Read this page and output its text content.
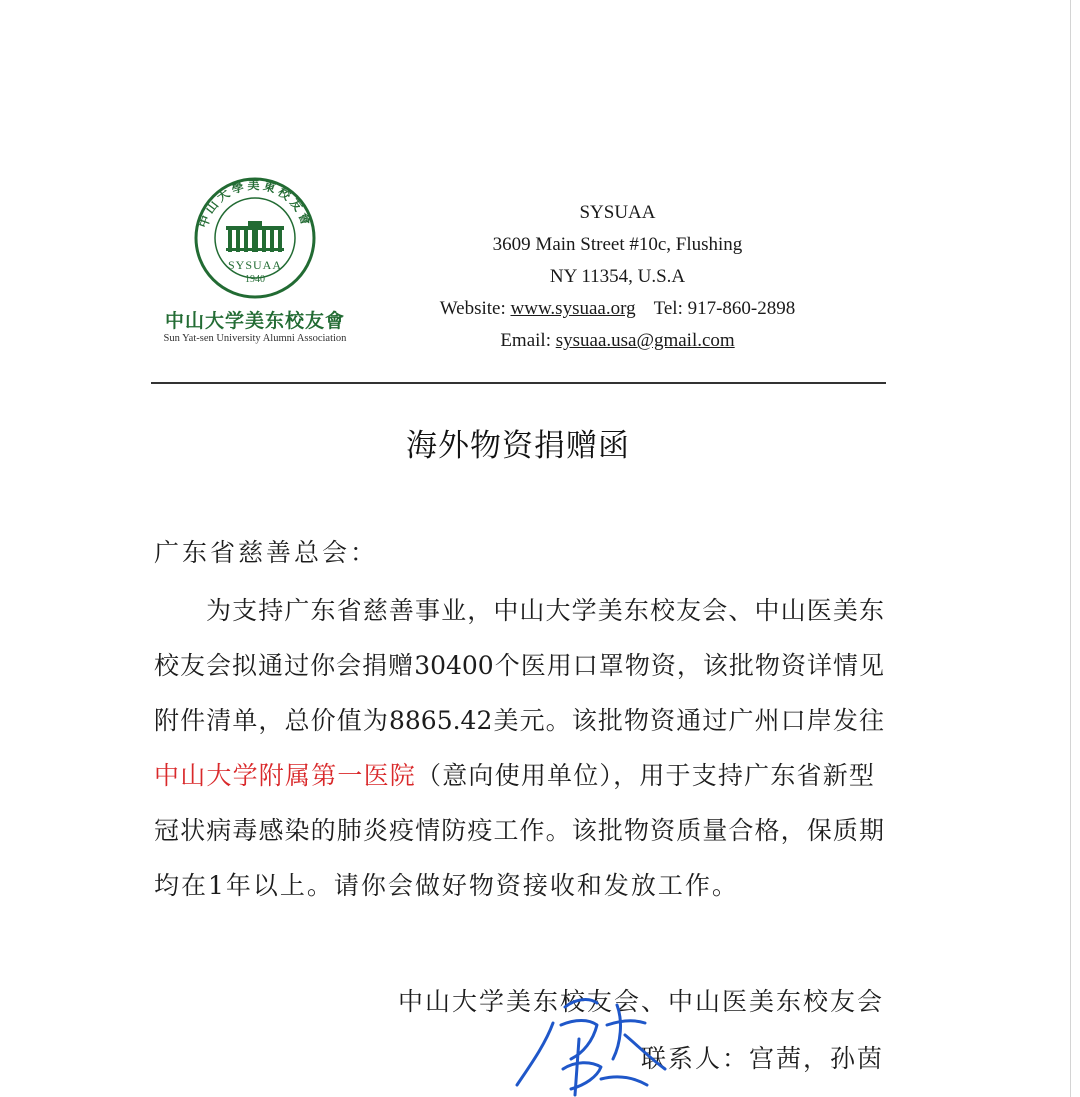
中山大學美東校友會
SYSUAA
1940
中山大学美东校友會
Sun Yat-sen University Alumni Association
SYSUAA
3609 Main Street #10c, Flushing
NY 11354, U.S.A
Website: www.sysuaa.org Tel: 917-860-2898
Email: sysuaa.usa@gmail.com
海外物资捐赠函
广东省慈善总会：
为支持广东省慈善事业，中山大学美东校友会、中山医美东
校友会拟通过你会捐赠30400个医用口罩物资，该批物资详情见
附件清单，总价值为8865.42美元。该批物资通过广州口岸发往
中山大学附属第一医院（意向使用单位），用于支持广东省新型
冠状病毒感染的肺炎疫情防疫工作。该批物资质量合格，保质期
均在1年以上。请你会做好物资接收和发放工作。
中山大学美东校友会、中山医美东校友会
联系人：宫茜，孙茵
